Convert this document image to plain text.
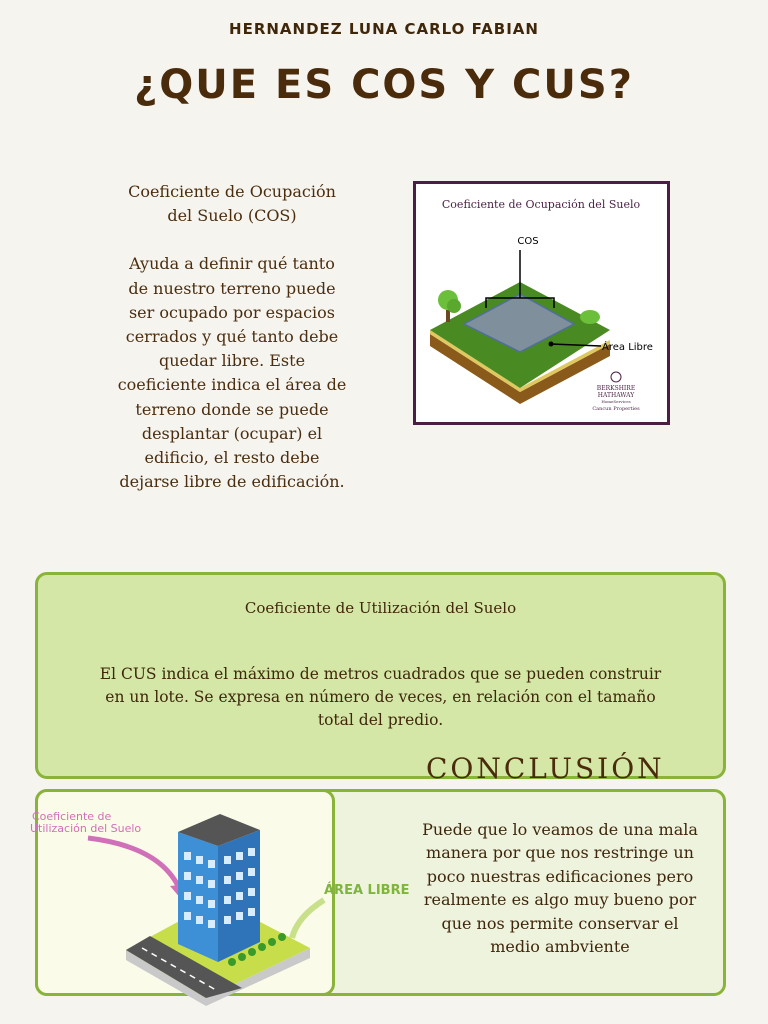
HERNANDEZ LUNA CARLO FABIAN
¿QUE ES COS Y CUS?

Coeficiente de Ocupación

del Suelo (COS)

Ayuda a definir qué tanto

de nuestro terreno puede

ser ocupado por espacios

cerrados y qué tanto debe

quedar libre. Este

coeficiente indica el área de

terreno donde se puede

desplantar (ocupar) el

edificio, el resto debe

dejarse libre de edificación.

Coeficiente de Ocupación del Suelo
COS
Área Libre
BERKSHIRE
HATHAWAY
HomeServices
Cancun Properties
Coeficiente de Utilización del Suelo
El CUS indica el máximo de metros cuadrados que se pueden construir
en un lote. Se expresa en número de veces, en relación con el tamaño
total del predio.
Coeficiente de
Utilización del Suelo
ÁREA LIBRE
CONCLUSIÓN
Puede que lo veamos de una mala
manera por que nos restringe un
poco nuestras edificaciones pero
realmente es algo muy bueno por
que nos permite conservar el
medio ambviente
